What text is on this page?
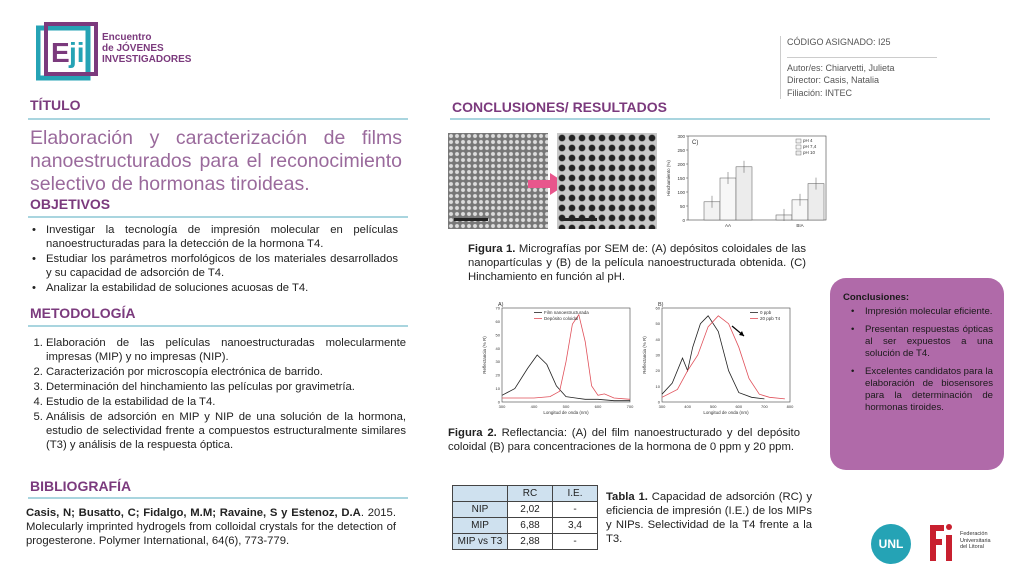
E ji Encuentro
de JÓVENES
INVESTIGADORES
CÓDIGO ASIGNADO: I25
Autor/es: Chiarvetti, Julieta
Director: Casis, Natalia
Filiación: INTEC
TÍTULO
Elaboración y caracterización de films nanoestructurados para el reconocimiento selectivo de hormonas tiroideas.
OBJETIVOS
• Investigar la tecnología de impresión molecular en películas nanoestructuradas para la detección de la hormona T4.
• Estudiar los parámetros morfológicos de los materiales desarrollados y su capacidad de adsorción de T4.
• Analizar la estabilidad de soluciones acuosas de T4.
METODOLOGÍA
1. Elaboración de las películas nanoestructuradas molecularmente impresas (MIP) y no impresas (NIP).
2. Caracterización por microscopía electrónica de barrido.
3. Determinación del hinchamiento las películas por gravimetría.
4. Estudio de la estabilidad de la T4.
5. Análisis de adsorción en MIP y NIP de una solución de la hormona, estudio de selectividad frente a compuestos estructuralmente similares (T3) y análisis de la respuesta óptica.
BIBLIOGRAFÍA
Casis, N; Busatto, C; Fidalgo, M.M; Ravaine, S y Estenoz, D.A. 2015. Molecularly imprinted hydrogels from colloidal crystals for the detection of progesterone. Polymer International, 64(6), 773-779.
CONCLUSIONES/ RESULTADOS
0
50
100
150
200
250
300
Hinchamiento (%)
C)
AA	BIA
pH 4
pH 7,4
pH 10
Figura 1. Micrografías por SEM de: (A) depósitos coloidales de las nanopartículas y (B) de la película nanoestructurada obtenida. (C) Hinchamiento en función al pH.
Reflectancia (% R)
Longitud de onda (nm)
300	400	500	600	700
0
10
20
30
40
50
60
70
A)
Film nanoestructurada
Depósito coloidal
Reflectancia (% R)
Longitud de onda (nm)
300	400	500	600	700	800
0
10
20
30
40
50
60
B)
0 ppb
20 ppb T4
Figura 2. Reflectancia: (A) del film nanoestructurado y del depósito coloidal (B) para concentraciones de la hormona de 0 ppm y 20 ppm.
	RC	I.E.
NIP	2,02	-
MIP	6,88	3,4
MIP vs T3	2,88	-
Tabla 1. Capacidad de adsorción (RC) y eficiencia de impresión (I.E.) de los MIPs y NIPs. Selectividad de la T4 frente a la T3.
Conclusiones:
• Impresión molecular eficiente.
• Presentan respuestas ópticas al ser expuestos a una solución de T4.
• Excelentes candidatos para la elaboración de biosensores para la determinación de hormonas tiroides.
UNL
Federación
Universitaria
del Litoral
